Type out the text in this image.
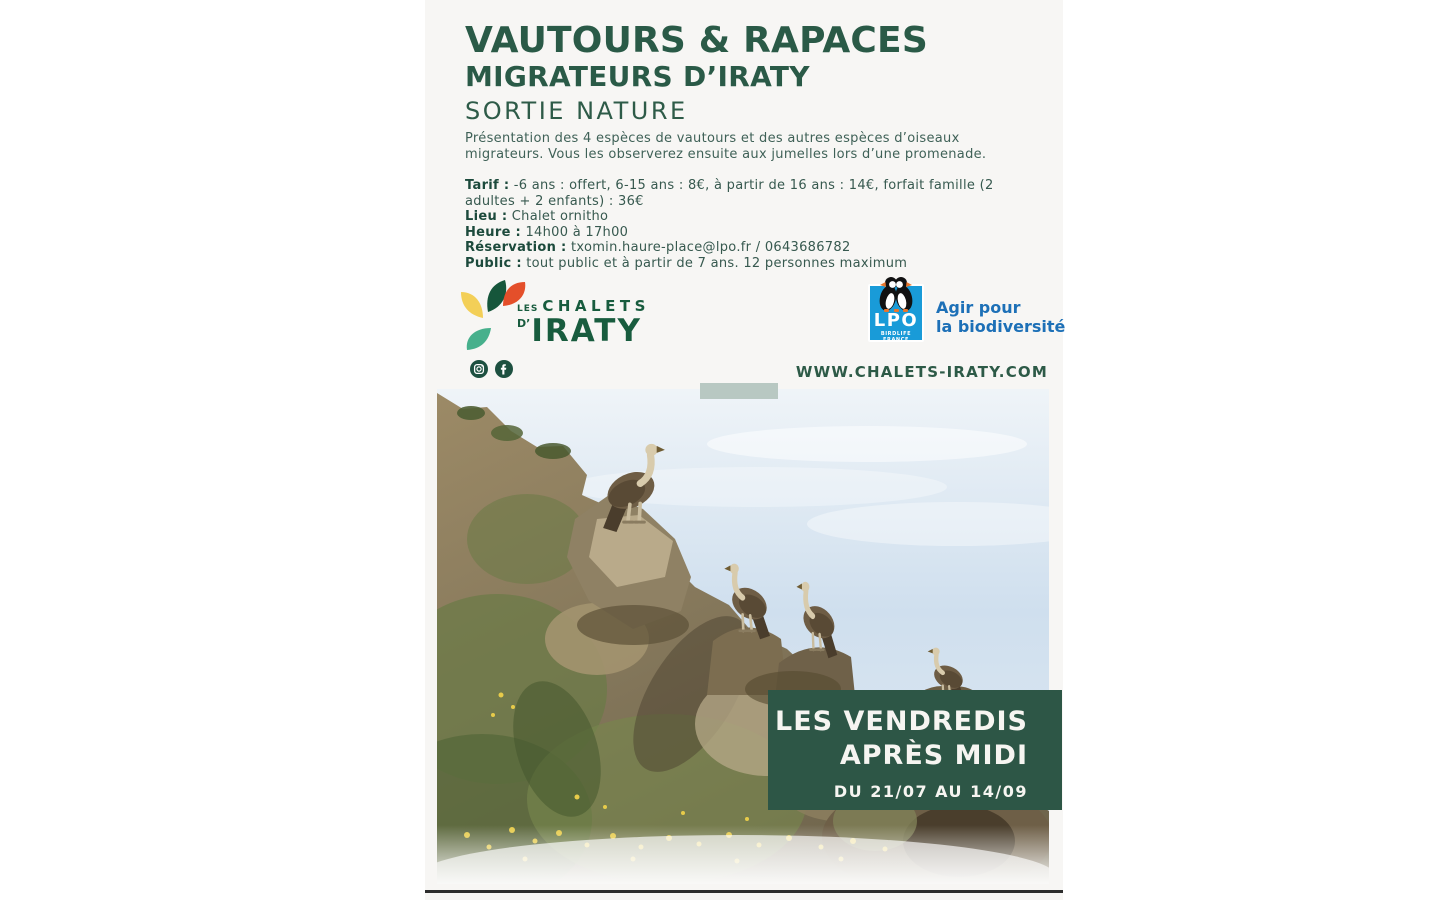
VAUTOURS & RAPACES
MIGRATEURS D’IRATY
SORTIE NATURE

Présentation des 4 espèces de vautours et des autres espèces d’oiseaux migrateurs. Vous les observerez ensuite aux jumelles lors d’une promenade.

Tarif : -6 ans : offert, 6-15 ans : 8€, à partir de 16 ans : 14€, forfait famille (2 adultes + 2 enfants) : 36€
Lieu : Chalet ornitho
Heure : 14h00 à 17h00
Réservation : txomin.haure-place@lpo.fr / 0643686782
Public : tout public et à partir de 7 ans. 12 personnes maximum
LES CHALETS
$^{D’}$IRATY	LPO
BIRDLIFE FRANCE
Agir pour
la biodiversité
WWW.CHALETS-IRATY.COM
LES VENDREDIS
APRÈS MIDI
DU 21/07 AU 14/09
